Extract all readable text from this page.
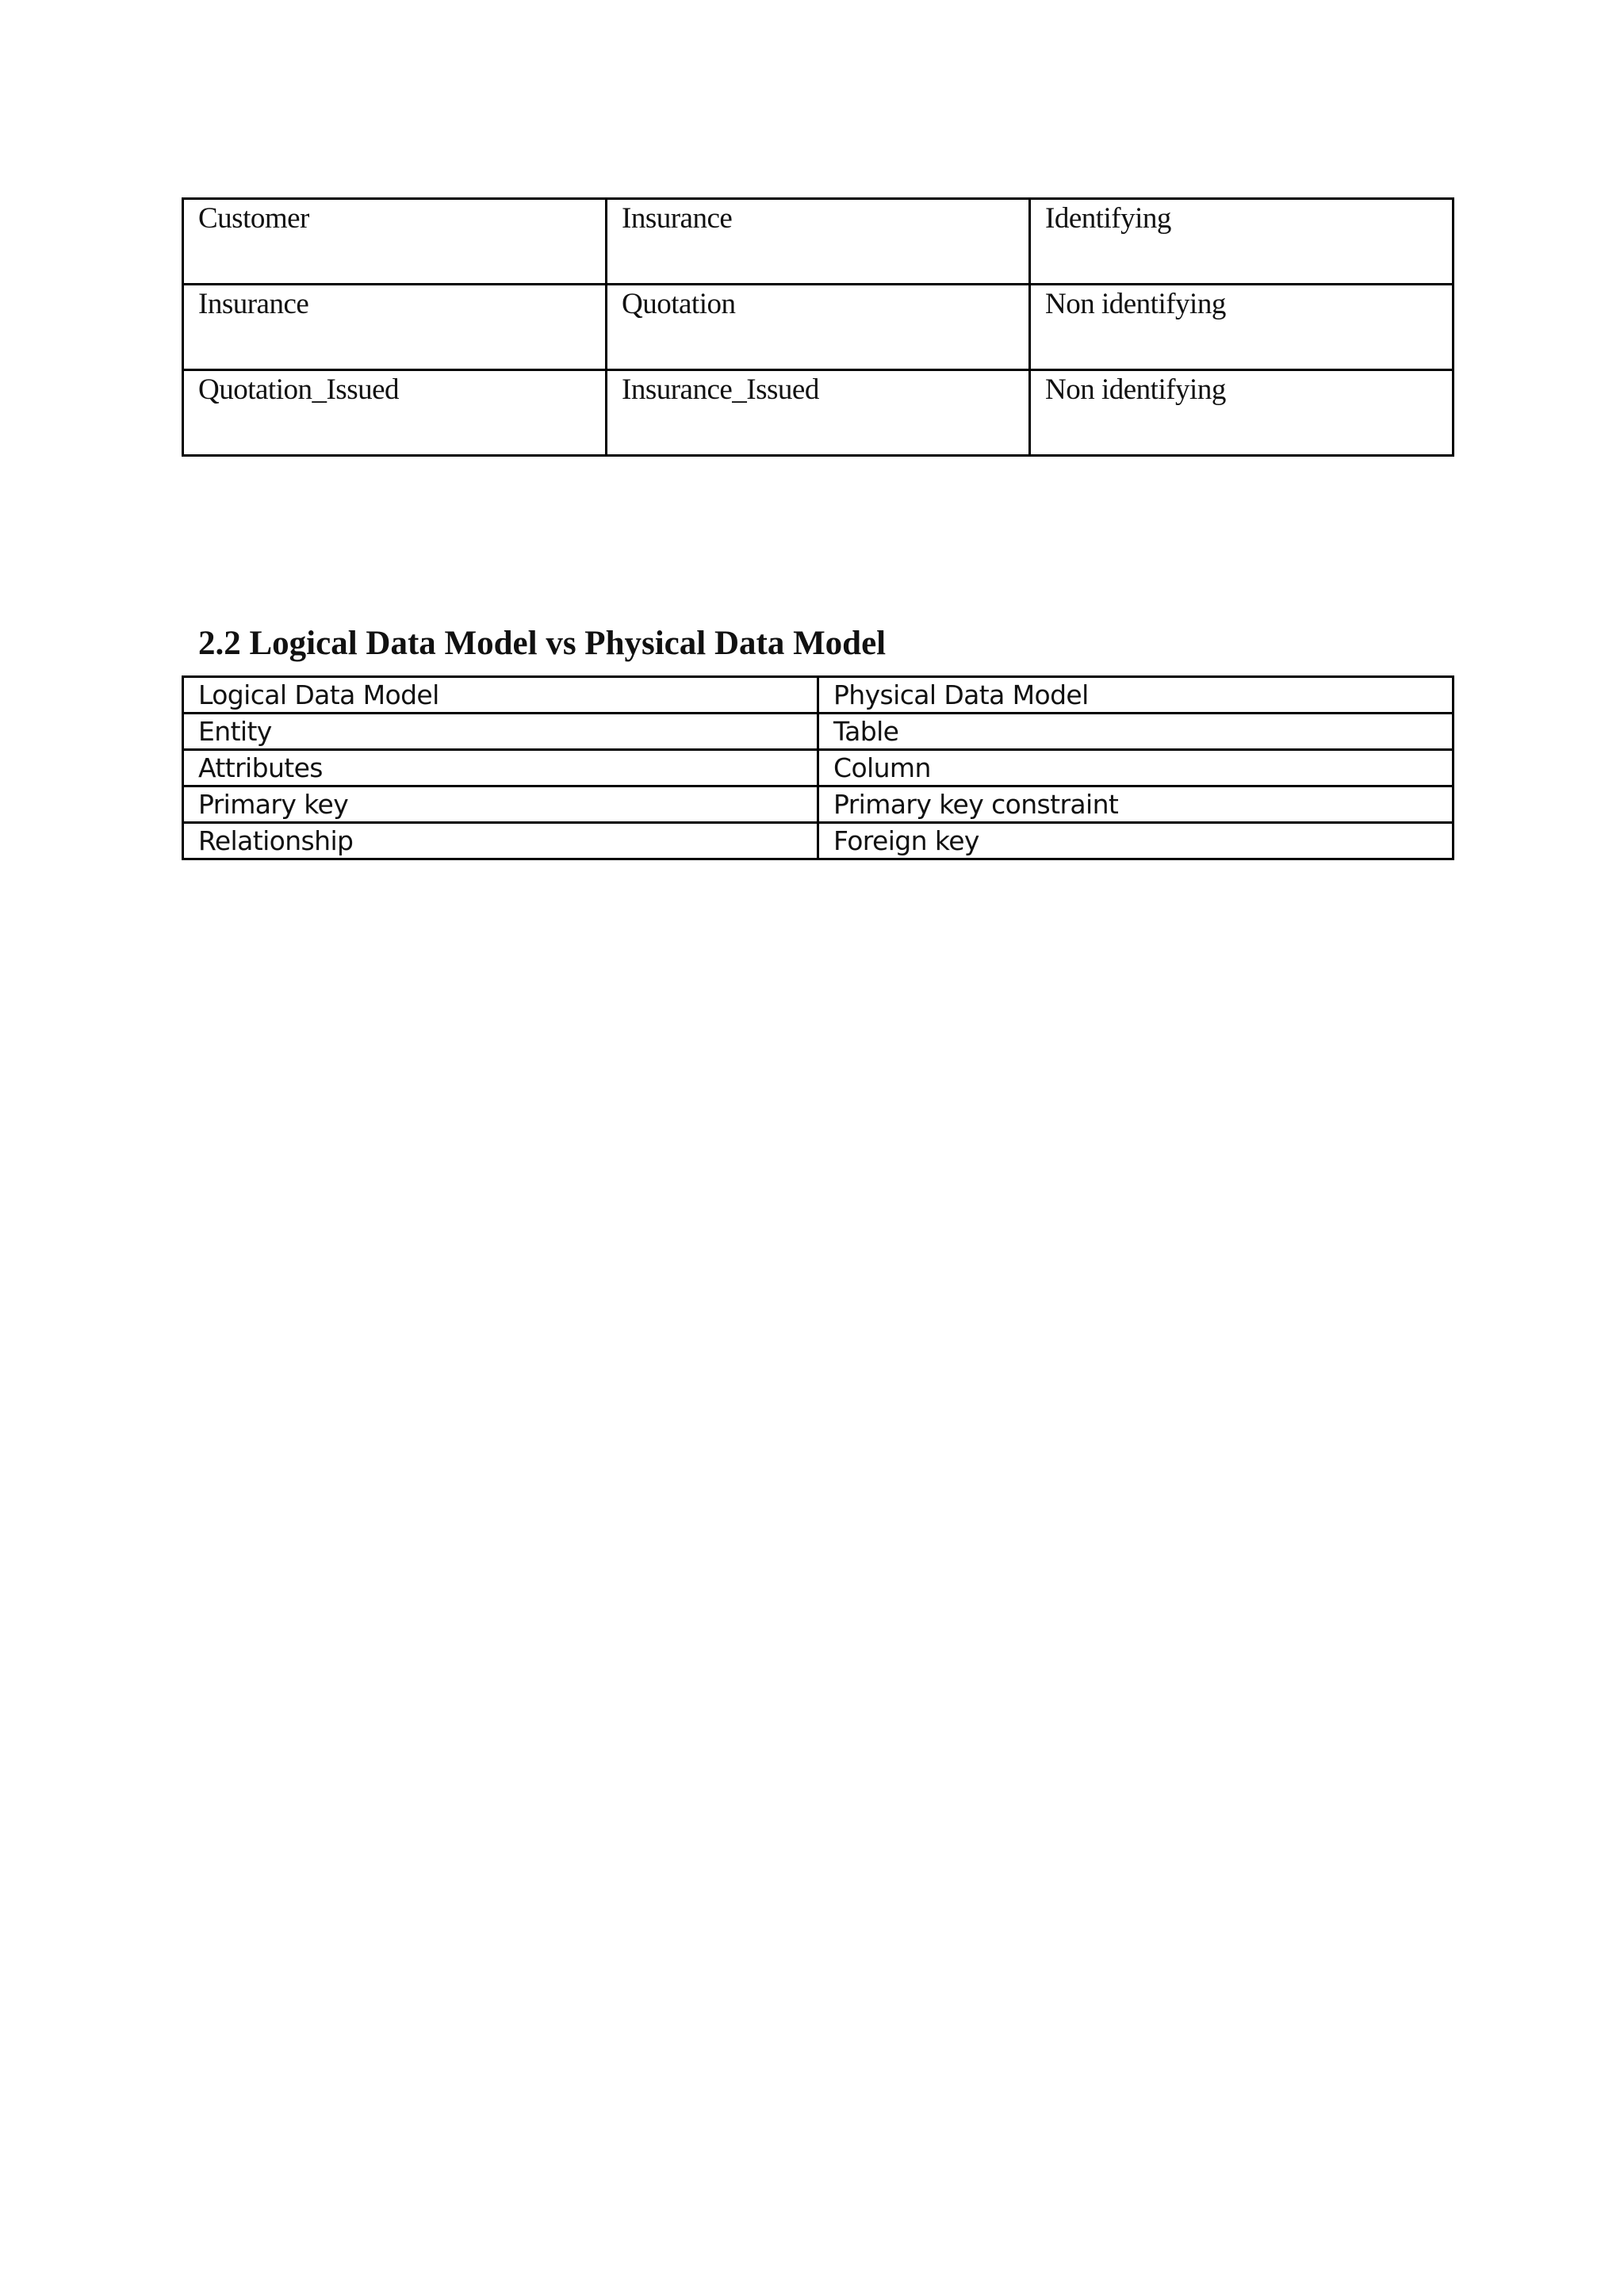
Customer	Insurance	Identifying
Insurance	Quotation	Non identifying
Quotation_Issued	Insurance_Issued	Non identifying
2.2 Logical Data Model vs Physical Data Model
Logical Data Model	Physical Data Model
Entity	Table
Attributes	Column
Primary key	Primary key constraint
Relationship	Foreign key
